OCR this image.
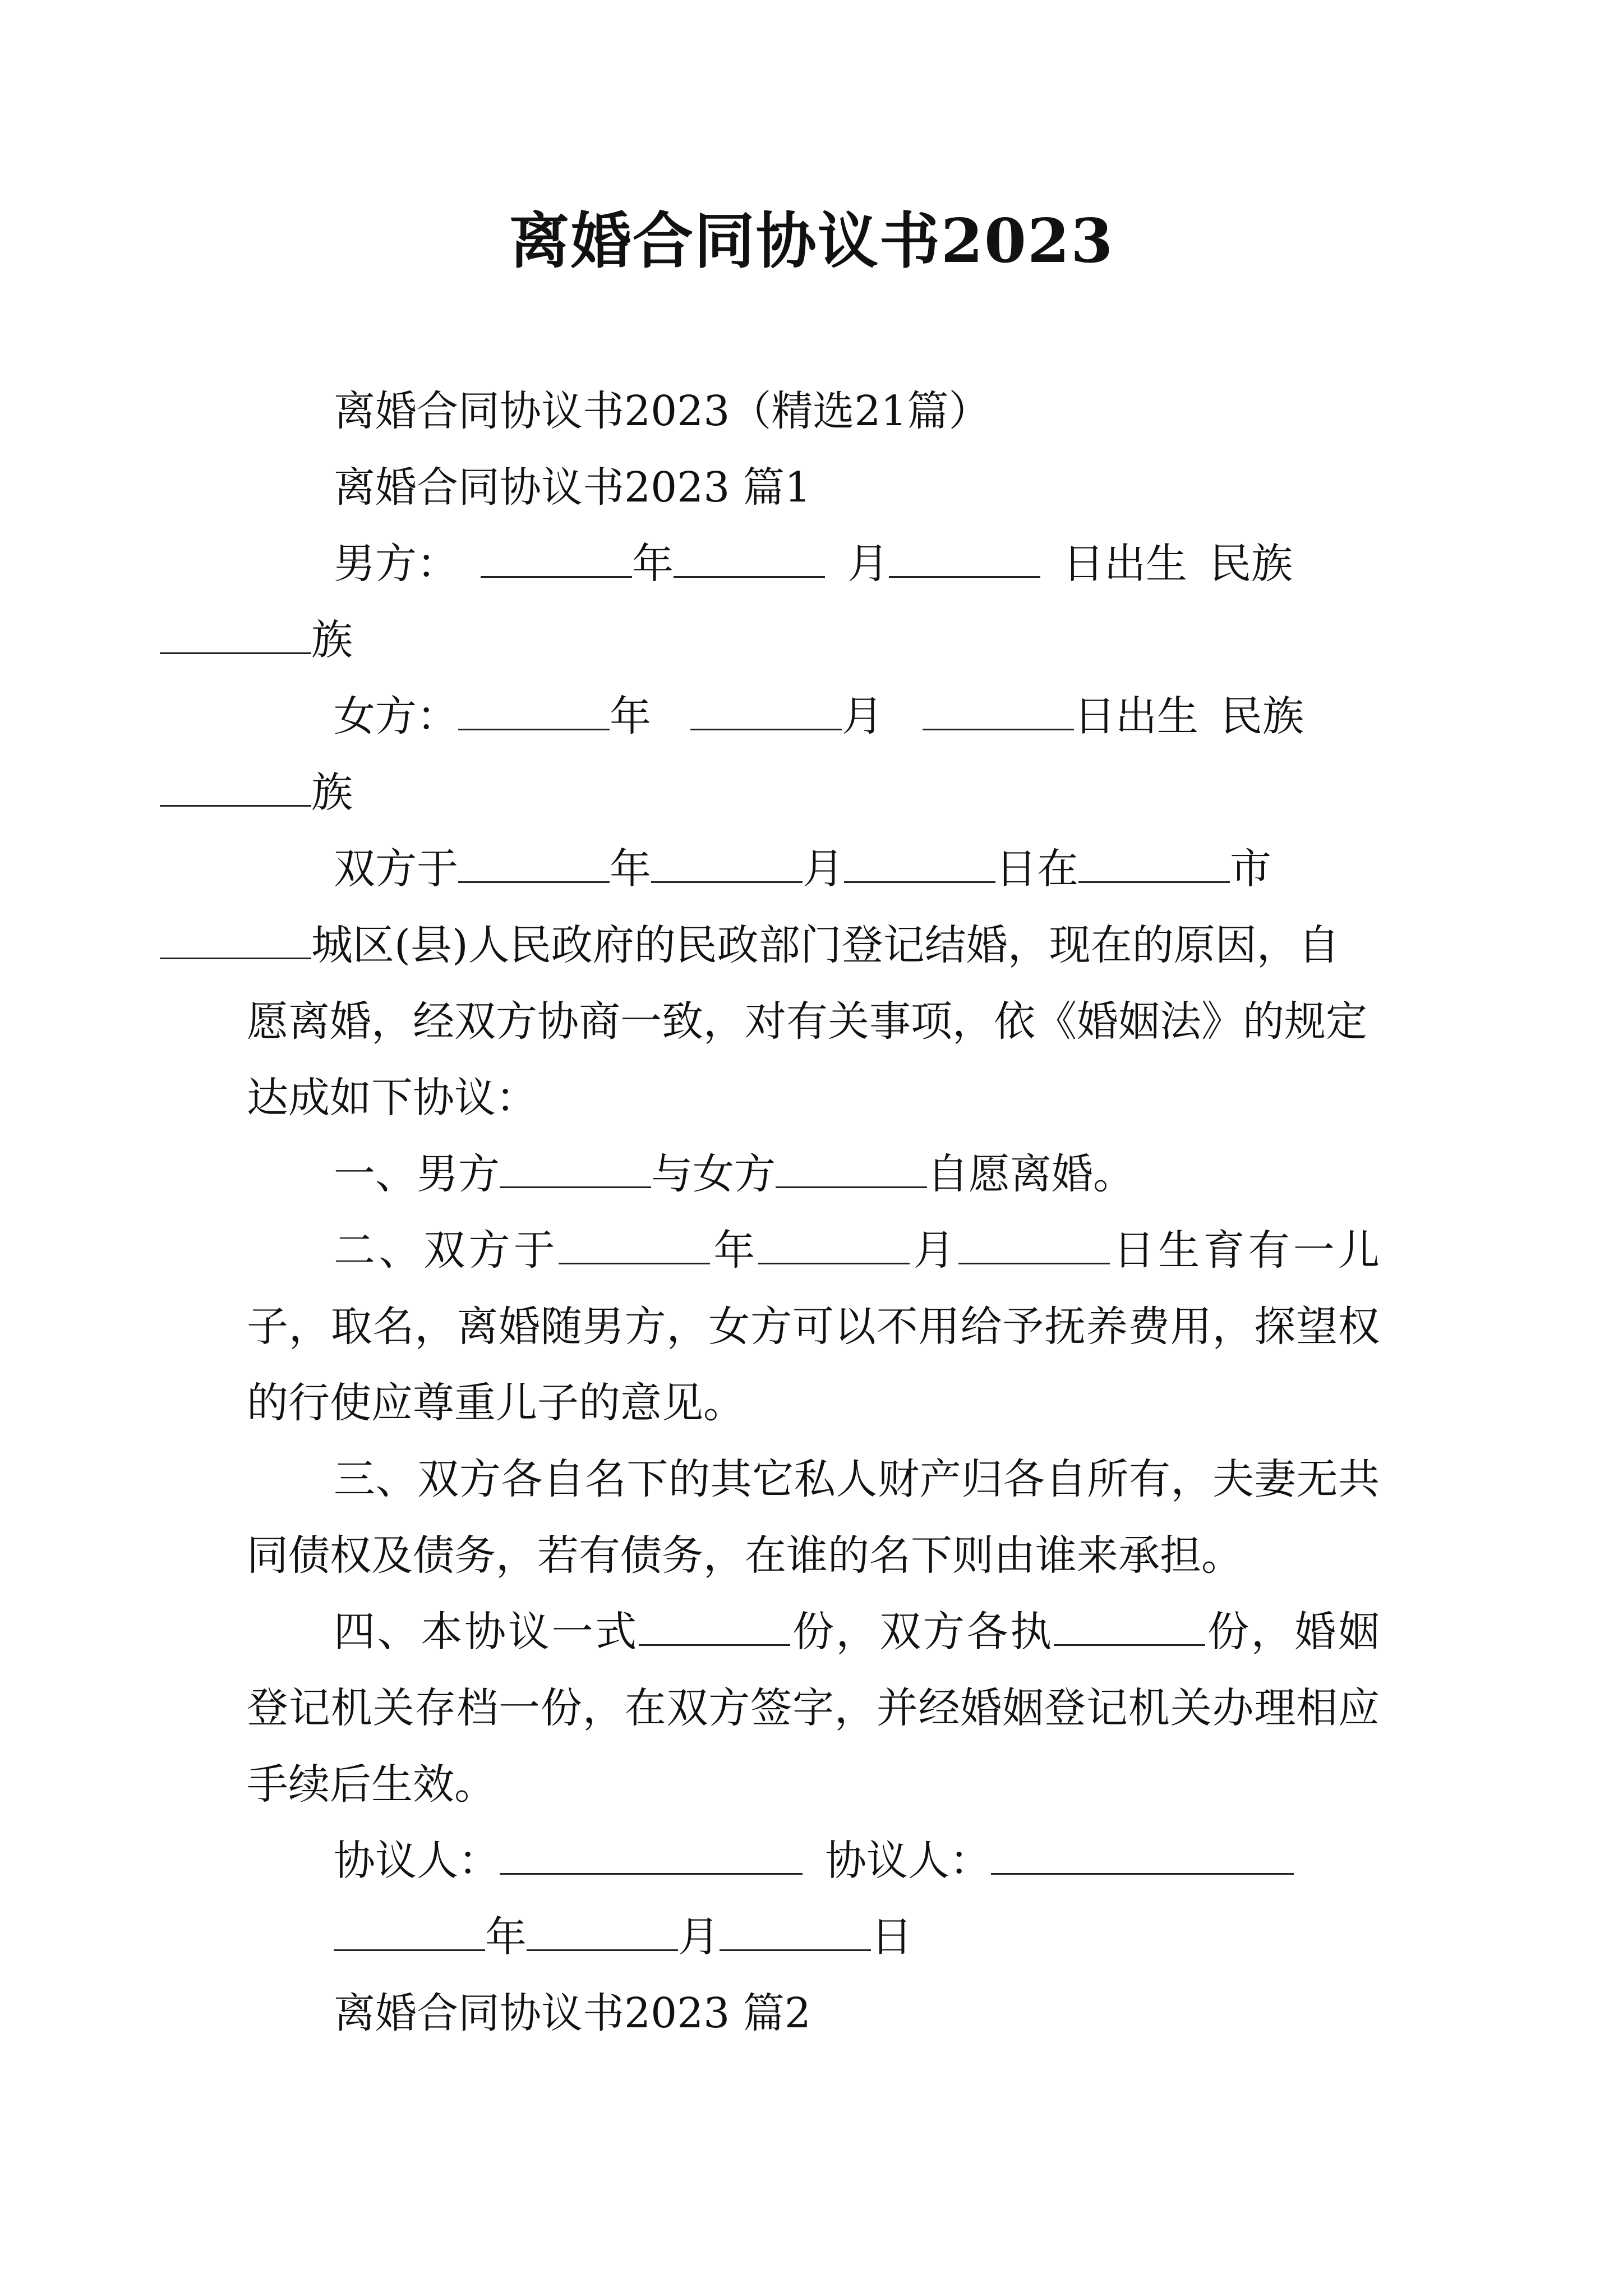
离婚合同协议书2023

离婚合同协议书2023（精选21篇）

离婚合同协议书2023 篇1

男方：	年	月	日出生 民族
族

女方：	年	月	日出生 民族
族

双方于	年	月	日在	市
城区(县)人民政府的民政部门登记结婚，现在的原因，自愿离婚，经双方协商一致，对有关事项，依《婚姻法》的规定达成如下协议：

一、男方	与女方	自愿离婚。

二、双方于	年	月	日生育有一儿子，取名，离婚随男方，女方可以不用给予抚养费用，探望权的行使应尊重儿子的意见。

三、双方各自名下的其它私人财产归各自所有，夫妻无共同债权及债务，若有债务，在谁的名下则由谁来承担。

四、本协议一式	份，双方各执	份，婚姻登记机关存档一份，在双方签字，并经婚姻登记机关办理相应手续后生效。

协议人：	协议人：

年	月	日

离婚合同协议书2023 篇2
